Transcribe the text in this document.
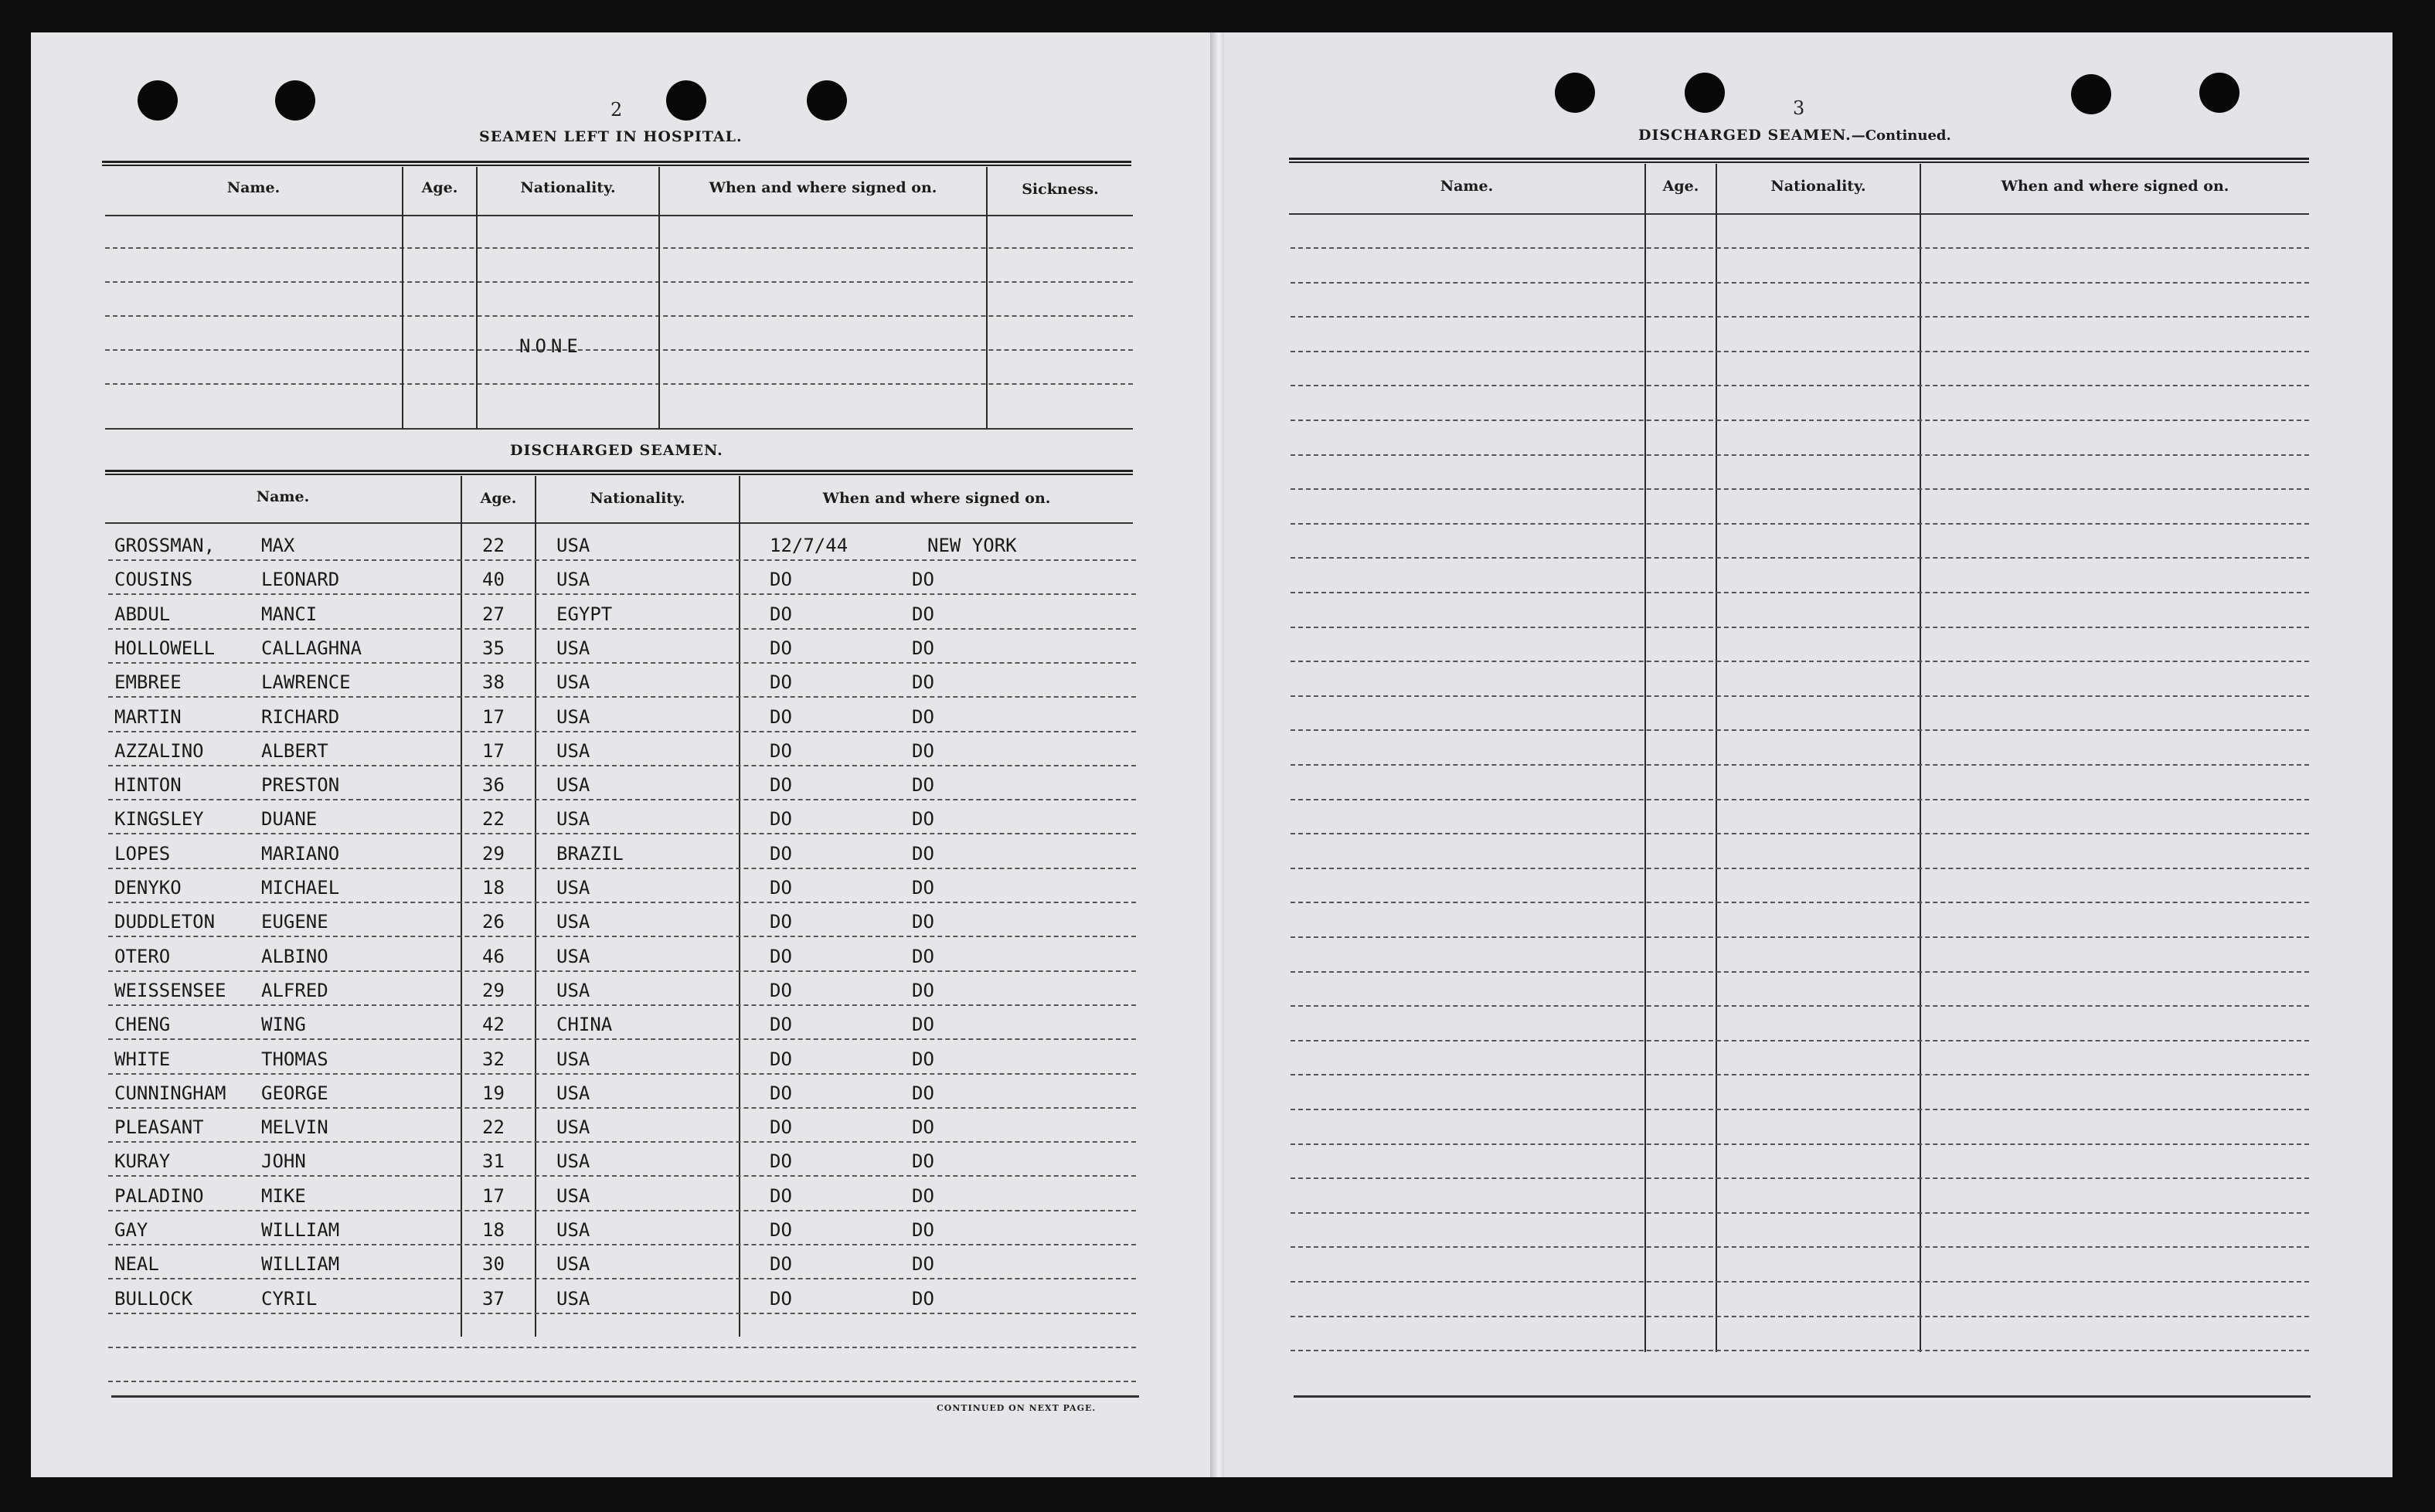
2
SEAMEN LEFT IN HOSPITAL.
Name.	Age.	Nationality.	When and where signed on.	Sickness.
NONE
DISCHARGED SEAMEN.
Name.	Age.	Nationality.	When and where signed on.
GROSSMAN, MAX	22	USA	12/7/44	NEW YORK
COUSINS	LEONARD	40	USA	DO	DO
ABDUL	MANCI	27	EGYPT	DO	DO
HOLLOWELL CALLAGHNA	35	USA	DO	DO
EMBREE	LAWRENCE	38	USA	DO	DO
MARTIN	RICHARD	17	USA	DO	DO
AZZALINO	ALBERT	17	USA	DO	DO
HINTON	PRESTON	36	USA	DO	DO
KINGSLEY	DUANE	22	USA	DO	DO
LOPES	MARIANO	29	BRAZIL	DO	DO
DENYKO	MICHAEL	18	USA	DO	DO
DUDDLETON EUGENE	26	USA	DO	DO
OTERO	ALBINO	46	USA	DO	DO
WEISSENSEE ALFRED	29	USA	DO	DO
CHENG	WING	42	CHINA	DO	DO
WHITE	THOMAS	32	USA	DO	DO
CUNNINGHAM GEORGE	19	USA	DO	DO
PLEASANT	MELVIN	22	USA	DO	DO
KURAY	JOHN	31	USA	DO	DO
PALADINO	MIKE	17	USA	DO	DO
GAY	WILLIAM	18	USA	DO	DO
NEAL	WILLIAM	30	USA	DO	DO
BULLOCK	CYRIL	37	USA	DO	DO
CONTINUED ON NEXT PAGE.
3
DISCHARGED SEAMEN.—Continued.
Name.	Age.	Nationality.	When and where signed on.
